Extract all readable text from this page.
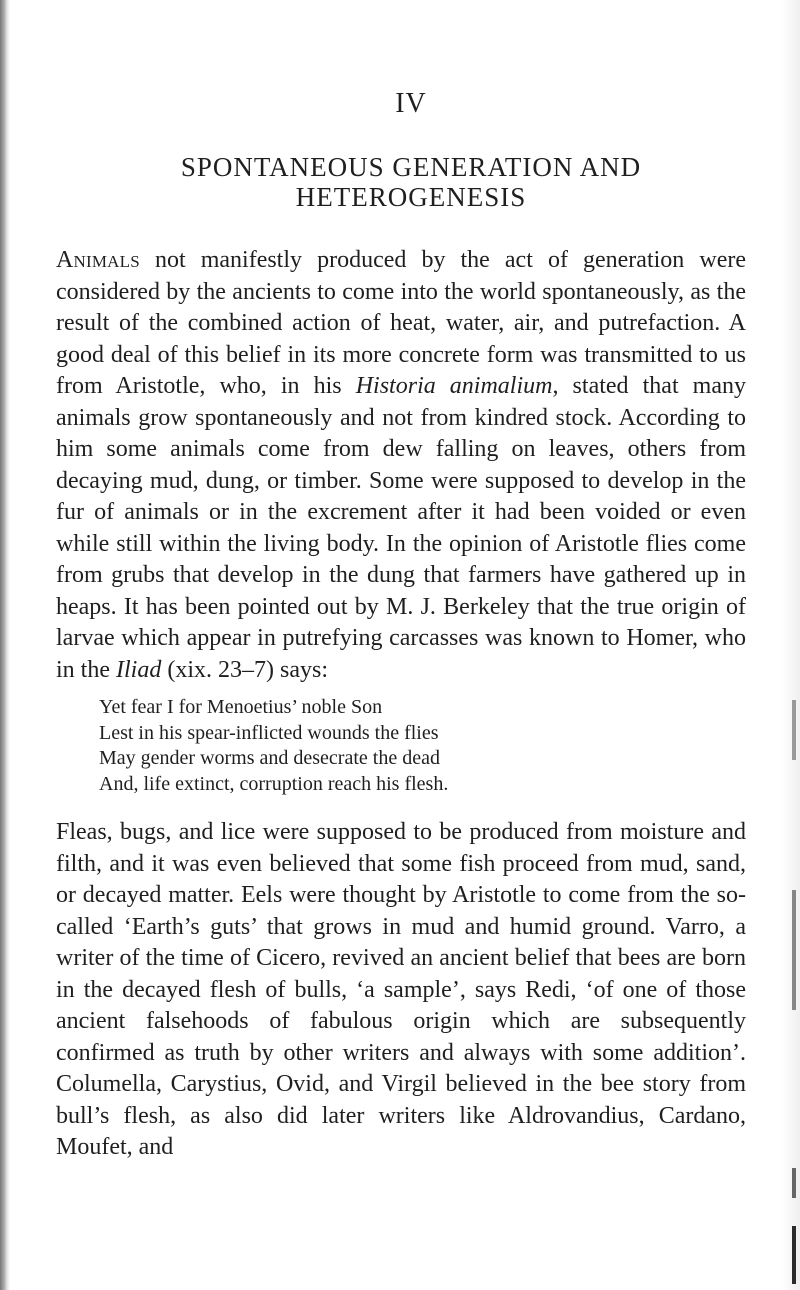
IV
SPONTANEOUS GENERATION AND
HETEROGENESIS

Animals not manifestly produced by the act of generation were considered by the ancients to come into the world spontaneously, as the result of the combined action of heat, water, air, and putrefaction. A good deal of this belief in its more concrete form was transmitted to us from Aristotle, who, in his Historia animalium, stated that many animals grow spontaneously and not from kindred stock. According to him some animals come from dew falling on leaves, others from decaying mud, dung, or timber. Some were supposed to develop in the fur of animals or in the excrement after it had been voided or even while still within the living body. In the opinion of Aristotle flies come from grubs that develop in the dung that farmers have gathered up in heaps. It has been pointed out by M. J. Berkeley that the true origin of larvae which appear in putrefying carcasses was known to Homer, who in the Iliad (xix. 23–7) says:

Yet fear I for Menoetius’ noble Son
Lest in his spear-inflicted wounds the flies
May gender worms and desecrate the dead
And, life extinct, corruption reach his flesh.

Fleas, bugs, and lice were supposed to be produced from moisture and filth, and it was even believed that some fish proceed from mud, sand, or decayed matter. Eels were thought by Aristotle to come from the so-called ‘Earth’s guts’ that grows in mud and humid ground. Varro, a writer of the time of Cicero, revived an ancient belief that bees are born in the decayed flesh of bulls, ‘a sample’, says Redi, ‘of one of those ancient falsehoods of fabulous origin which are subsequently confirmed as truth by other writers and always with some addition’. Columella, Carystius, Ovid, and Virgil believed in the bee story from bull’s flesh, as also did later writers like Aldrovandius, Cardano, Moufet, and
